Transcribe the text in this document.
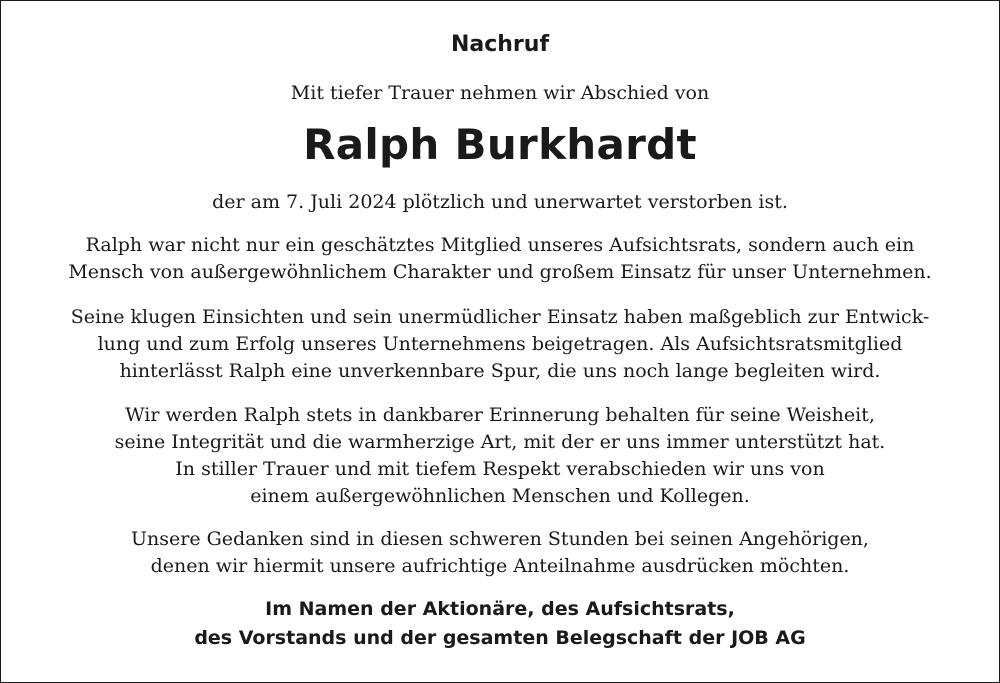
Nachruf
Mit tiefer Trauer nehmen wir Abschied von
Ralph Burkhardt
der am 7. Juli 2024 plötzlich und unerwartet verstorben ist.
Ralph war nicht nur ein geschätztes Mitglied unseres Aufsichtsrats, sondern auch ein
Mensch von außergewöhnlichem Charakter und großem Einsatz für unser Unternehmen.
Seine klugen Einsichten und sein unermüdlicher Einsatz haben maßgeblich zur Entwick-
lung und zum Erfolg unseres Unternehmens beigetragen. Als Aufsichtsratsmitglied
hinterlässt Ralph eine unverkennbare Spur, die uns noch lange begleiten wird.
Wir werden Ralph stets in dankbarer Erinnerung behalten für seine Weisheit,
seine Integrität und die warmherzige Art, mit der er uns immer unterstützt hat.
In stiller Trauer und mit tiefem Respekt verabschieden wir uns von
einem außergewöhnlichen Menschen und Kollegen.
Unsere Gedanken sind in diesen schweren Stunden bei seinen Angehörigen,
denen wir hiermit unsere aufrichtige Anteilnahme ausdrücken möchten.
Im Namen der Aktionäre, des Aufsichtsrats,
des Vorstands und der gesamten Belegschaft der JOB AG
